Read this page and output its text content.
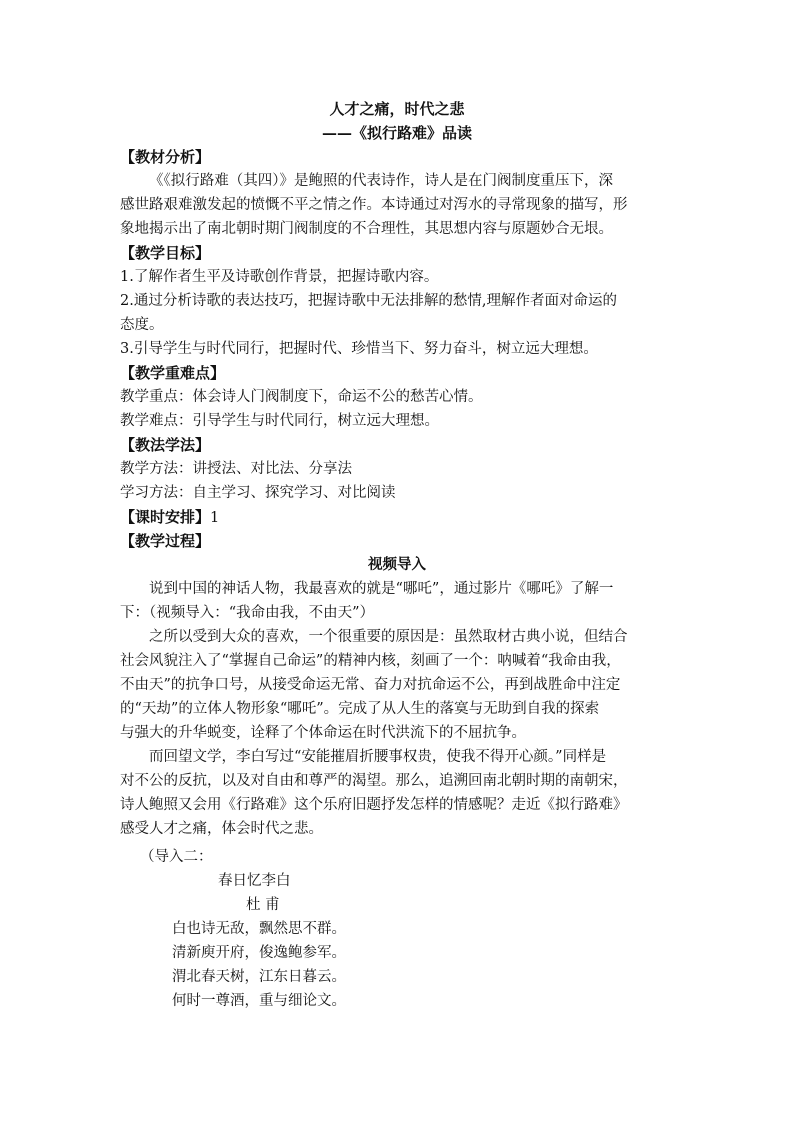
人才之痛，时代之悲
——《拟行路难》品读
【教材分析】
《《拟行路难（其四）》是鲍照的代表诗作，诗人是在门阀制度重压下，深
感世路艰难激发起的愤慨不平之情之作。本诗通过对泻水的寻常现象的描写，形
象地揭示出了南北朝时期门阀制度的不合理性，其思想内容与原题妙合无垠。
【教学目标】
1.了解作者生平及诗歌创作背景，把握诗歌内容。
2.通过分析诗歌的表达技巧，把握诗歌中无法排解的愁情,理解作者面对命运的
态度。
3.引导学生与时代同行，把握时代、珍惜当下、努力奋斗，树立远大理想。
【教学重难点】
教学重点：体会诗人门阀制度下，命运不公的愁苦心情。
教学难点：引导学生与时代同行，树立远大理想。
【教法学法】
教学方法：讲授法、对比法、分享法
学习方法：自主学习、探究学习、对比阅读
【课时安排】1
【教学过程】
视频导入
说到中国的神话人物，我最喜欢的就是“哪吒”，通过影片《哪吒》了解一
下：（视频导入：“我命由我，不由天”）
之所以受到大众的喜欢，一个很重要的原因是：虽然取材古典小说，但结合
社会风貌注入了“掌握自己命运”的精神内核，刻画了一个：呐喊着“我命由我，
不由天”的抗争口号，从接受命运无常、奋力对抗命运不公，再到战胜命中注定
的“天劫”的立体人物形象“哪吒”。完成了从人生的落寞与无助到自我的探索
与强大的升华蜕变，诠释了个体命运在时代洪流下的不屈抗争。
而回望文学，李白写过“安能摧眉折腰事权贵，使我不得开心颜。”同样是
对不公的反抗，以及对自由和尊严的渴望。那么，追溯回南北朝时期的南朝宋，
诗人鲍照又会用《行路难》这个乐府旧题抒发怎样的情感呢？走近《拟行路难》
感受人才之痛，体会时代之悲。
（导入二：
春日忆李白
杜 甫
白也诗无敌，飘然思不群。
清新庾开府，俊逸鲍参军。
渭北春天树，江东日暮云。
何时一尊酒，重与细论文。
